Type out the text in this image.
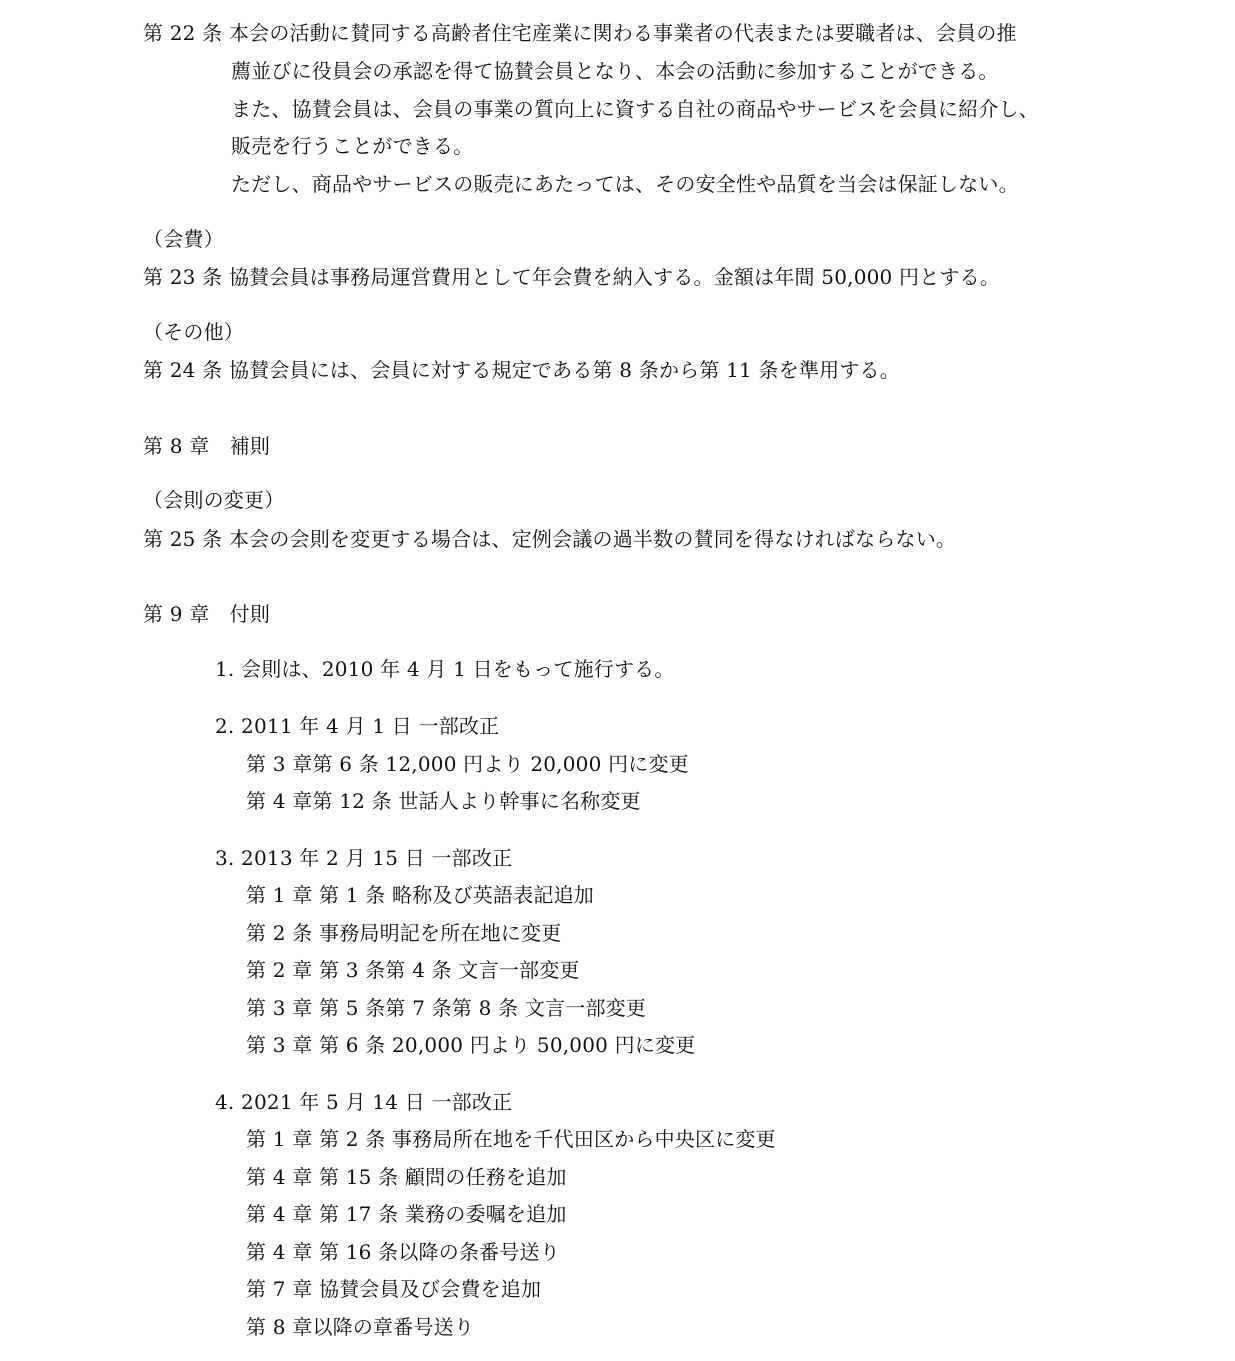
第 22 条 本会の活動に賛同する高齢者住宅産業に関わる事業者の代表または要職者は、会員の推
薦並びに役員会の承認を得て協賛会員となり、本会の活動に参加することができる。
また、協賛会員は、会員の事業の質向上に資する自社の商品やサービスを会員に紹介し、
販売を行うことができる。
ただし、商品やサービスの販売にあたっては、その安全性や品質を当会は保証しない。
（会費）
第 23 条 協賛会員は事務局運営費用として年会費を納入する。金額は年間 50,000 円とする。
（その他）
第 24 条 協賛会員には、会員に対する規定である第 8 条から第 11 条を準用する。
第 8 章　補則
（会則の変更）
第 25 条 本会の会則を変更する場合は、定例会議の過半数の賛同を得なければならない。
第 9 章　付則
1. 会則は、2010 年 4 月 1 日をもって施行する。
2. 2011 年 4 月 1 日 一部改正
第 3 章第 6 条 12,000 円より 20,000 円に変更
第 4 章第 12 条 世話人より幹事に名称変更
3. 2013 年 2 月 15 日 一部改正
第 1 章 第 1 条 略称及び英語表記追加
第 2 条 事務局明記を所在地に変更
第 2 章 第 3 条第 4 条 文言一部変更
第 3 章 第 5 条第 7 条第 8 条 文言一部変更
第 3 章 第 6 条 20,000 円より 50,000 円に変更
4. 2021 年 5 月 14 日 一部改正
第 1 章 第 2 条 事務局所在地を千代田区から中央区に変更
第 4 章 第 15 条 顧問の任務を追加
第 4 章 第 17 条 業務の委嘱を追加
第 4 章 第 16 条以降の条番号送り
第 7 章 協賛会員及び会費を追加
第 8 章以降の章番号送り
